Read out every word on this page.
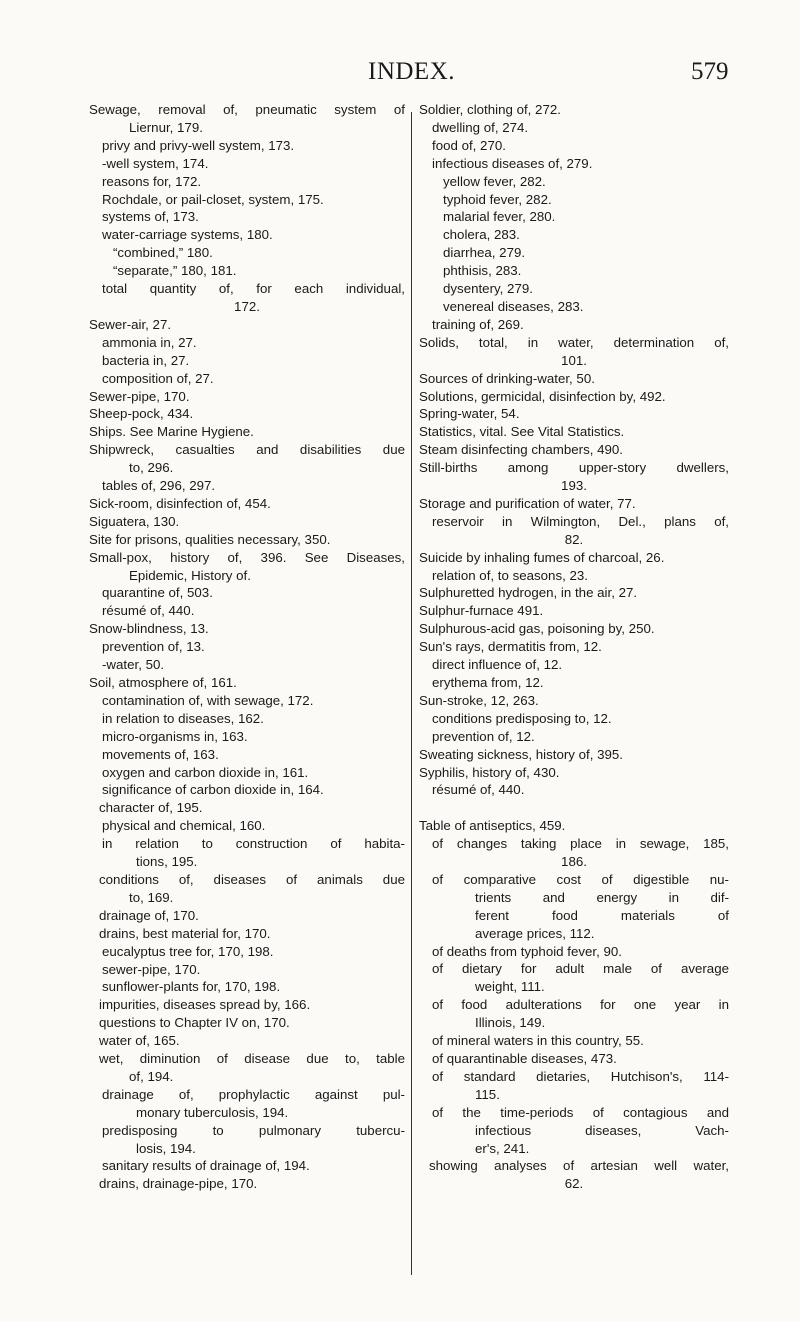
INDEX.	579
Sewage, removal of, pneumatic system of
Liernur, 179.
privy and privy-well system, 173.
-well system, 174.
reasons for, 172.
Rochdale, or pail-closet, system, 175.
systems of, 173.
water-carriage systems, 180.
“combined,” 180.
“separate,” 180, 181.
total quantity of, for each individual,
172.
Sewer-air, 27.
ammonia in, 27.
bacteria in, 27.
composition of, 27.
Sewer-pipe, 170.
Sheep-pock, 434.
Ships. See Marine Hygiene.
Shipwreck, casualties and disabilities due
to, 296.
tables of, 296, 297.
Sick-room, disinfection of, 454.
Siguatera, 130.
Site for prisons, qualities necessary, 350.
Small-pox, history of, 396. See Diseases,
Epidemic, History of.
quarantine of, 503.
résumé of, 440.
Snow-blindness, 13.
prevention of, 13.
-water, 50.
Soil, atmosphere of, 161.
contamination of, with sewage, 172.
in relation to diseases, 162.
micro-organisms in, 163.
movements of, 163.
oxygen and carbon dioxide in, 161.
significance of carbon dioxide in, 164.
character of, 195.
physical and chemical, 160.
in relation to construction of habita-
tions, 195.
conditions of, diseases of animals due
to, 169.
drainage of, 170.
drains, best material for, 170.
eucalyptus tree for, 170, 198.
sewer-pipe, 170.
sunflower-plants for, 170, 198.
impurities, diseases spread by, 166.
questions to Chapter IV on, 170.
water of, 165.
wet, diminution of disease due to, table
of, 194.
drainage of, prophylactic against pul-
monary tuberculosis, 194.
predisposing to pulmonary tubercu-
losis, 194.
sanitary results of drainage of, 194.
drains, drainage-pipe, 170.
Soldier, clothing of, 272.
dwelling of, 274.
food of, 270.
infectious diseases of, 279.
yellow fever, 282.
typhoid fever, 282.
malarial fever, 280.
cholera, 283.
diarrhea, 279.
phthisis, 283.
dysentery, 279.
venereal diseases, 283.
training of, 269.
Solids, total, in water, determination of,
101.
Sources of drinking-water, 50.
Solutions, germicidal, disinfection by, 492.
Spring-water, 54.
Statistics, vital. See Vital Statistics.
Steam disinfecting chambers, 490.
Still-births among upper-story dwellers,
193.
Storage and purification of water, 77.
reservoir in Wilmington, Del., plans of,
82.
Suicide by inhaling fumes of charcoal, 26.
relation of, to seasons, 23.
Sulphuretted hydrogen, in the air, 27.
Sulphur-furnace 491.
Sulphurous-acid gas, poisoning by, 250.
Sun's rays, dermatitis from, 12.
direct influence of, 12.
erythema from, 12.
Sun-stroke, 12, 263.
conditions predisposing to, 12.
prevention of, 12.
Sweating sickness, history of, 395.
Syphilis, history of, 430.
résumé of, 440.
Table of antiseptics, 459.
of changes taking place in sewage, 185,
186.
of comparative cost of digestible nu-
trients and energy in dif-
ferent food materials of
average prices, 112.
of deaths from typhoid fever, 90.
of dietary for adult male of average
weight, 111.
of food adulterations for one year in
Illinois, 149.
of mineral waters in this country, 55.
of quarantinable diseases, 473.
of standard dietaries, Hutchison's, 114-
115.
of the time-periods of contagious and
infectious diseases, Vach-
er's, 241.
showing analyses of artesian well water,
62.
